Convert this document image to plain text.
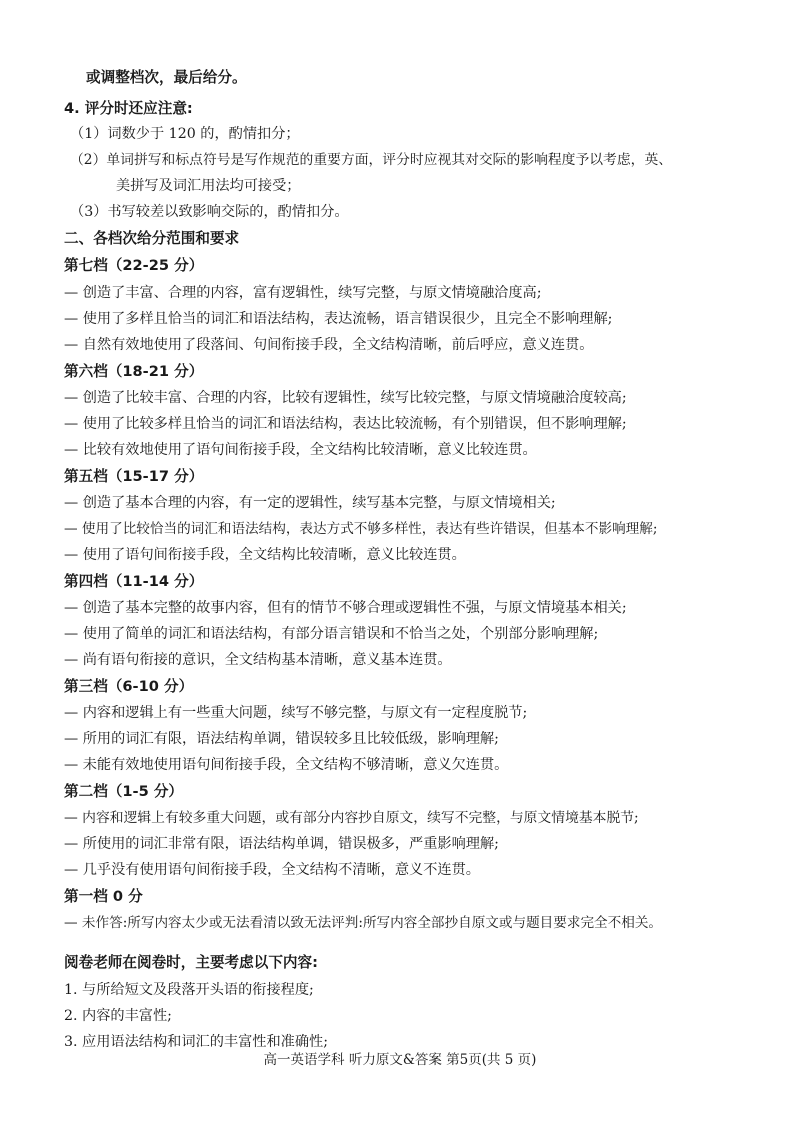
或调整档次，最后给分。
4. 评分时还应注意:
（1）词数少于 120 的，酌情扣分；
（2）单词拼写和标点符号是写作规范的重要方面，评分时应视其对交际的影响程度予以考虑，英、
美拼写及词汇用法均可接受；
（3）书写较差以致影响交际的，酌情扣分。
二、各档次给分范围和要求
第七档（22-25 分）
— 创造了丰富、合理的内容，富有逻辑性，续写完整，与原文情境融洽度高;
— 使用了多样且恰当的词汇和语法结构，表达流畅，语言错误很少，且完全不影响理解;
— 自然有效地使用了段落间、句间衔接手段，全文结构清晰，前后呼应，意义连贯。
第六档（18-21 分）
— 创造了比较丰富、合理的内容，比较有逻辑性，续写比较完整，与原文情境融洽度较高;
— 使用了比较多样且恰当的词汇和语法结构，表达比较流畅，有个别错误，但不影响理解;
— 比较有效地使用了语句间衔接手段，全文结构比较清晰，意义比较连贯。
第五档（15-17 分）
— 创造了基本合理的内容，有一定的逻辑性，续写基本完整，与原文情境相关;
— 使用了比较恰当的词汇和语法结构，表达方式不够多样性，表达有些许错误，但基本不影响理解;
— 使用了语句间衔接手段，全文结构比较清晰，意义比较连贯。
第四档（11-14 分）
— 创造了基本完整的故事内容，但有的情节不够合理或逻辑性不强，与原文情境基本相关;
— 使用了简单的词汇和语法结构，有部分语言错误和不恰当之处，个别部分影响理解;
— 尚有语句衔接的意识，全文结构基本清晰，意义基本连贯。
第三档（6-10 分）
— 内容和逻辑上有一些重大问题，续写不够完整，与原文有一定程度脱节;
— 所用的词汇有限，语法结构单调，错误较多且比较低级，影响理解;
— 未能有效地使用语句间衔接手段，全文结构不够清晰，意义欠连贯。
第二档（1-5 分）
— 内容和逻辑上有较多重大问题，或有部分内容抄自原文，续写不完整，与原文情境基本脱节;
— 所使用的词汇非常有限，语法结构单调，错误极多，严重影响理解;
— 几乎没有使用语句间衔接手段，全文结构不清晰，意义不连贯。
第一档 0 分
— 未作答:所写内容太少或无法看清以致无法评判:所写内容全部抄自原文或与题目要求完全不相关。
阅卷老师在阅卷时，主要考虑以下内容:
1. 与所给短文及段落开头语的衔接程度;
2. 内容的丰富性;
3. 应用语法结构和词汇的丰富性和准确性;
高一英语学科 听力原文&答案 第5页(共 5 页)
